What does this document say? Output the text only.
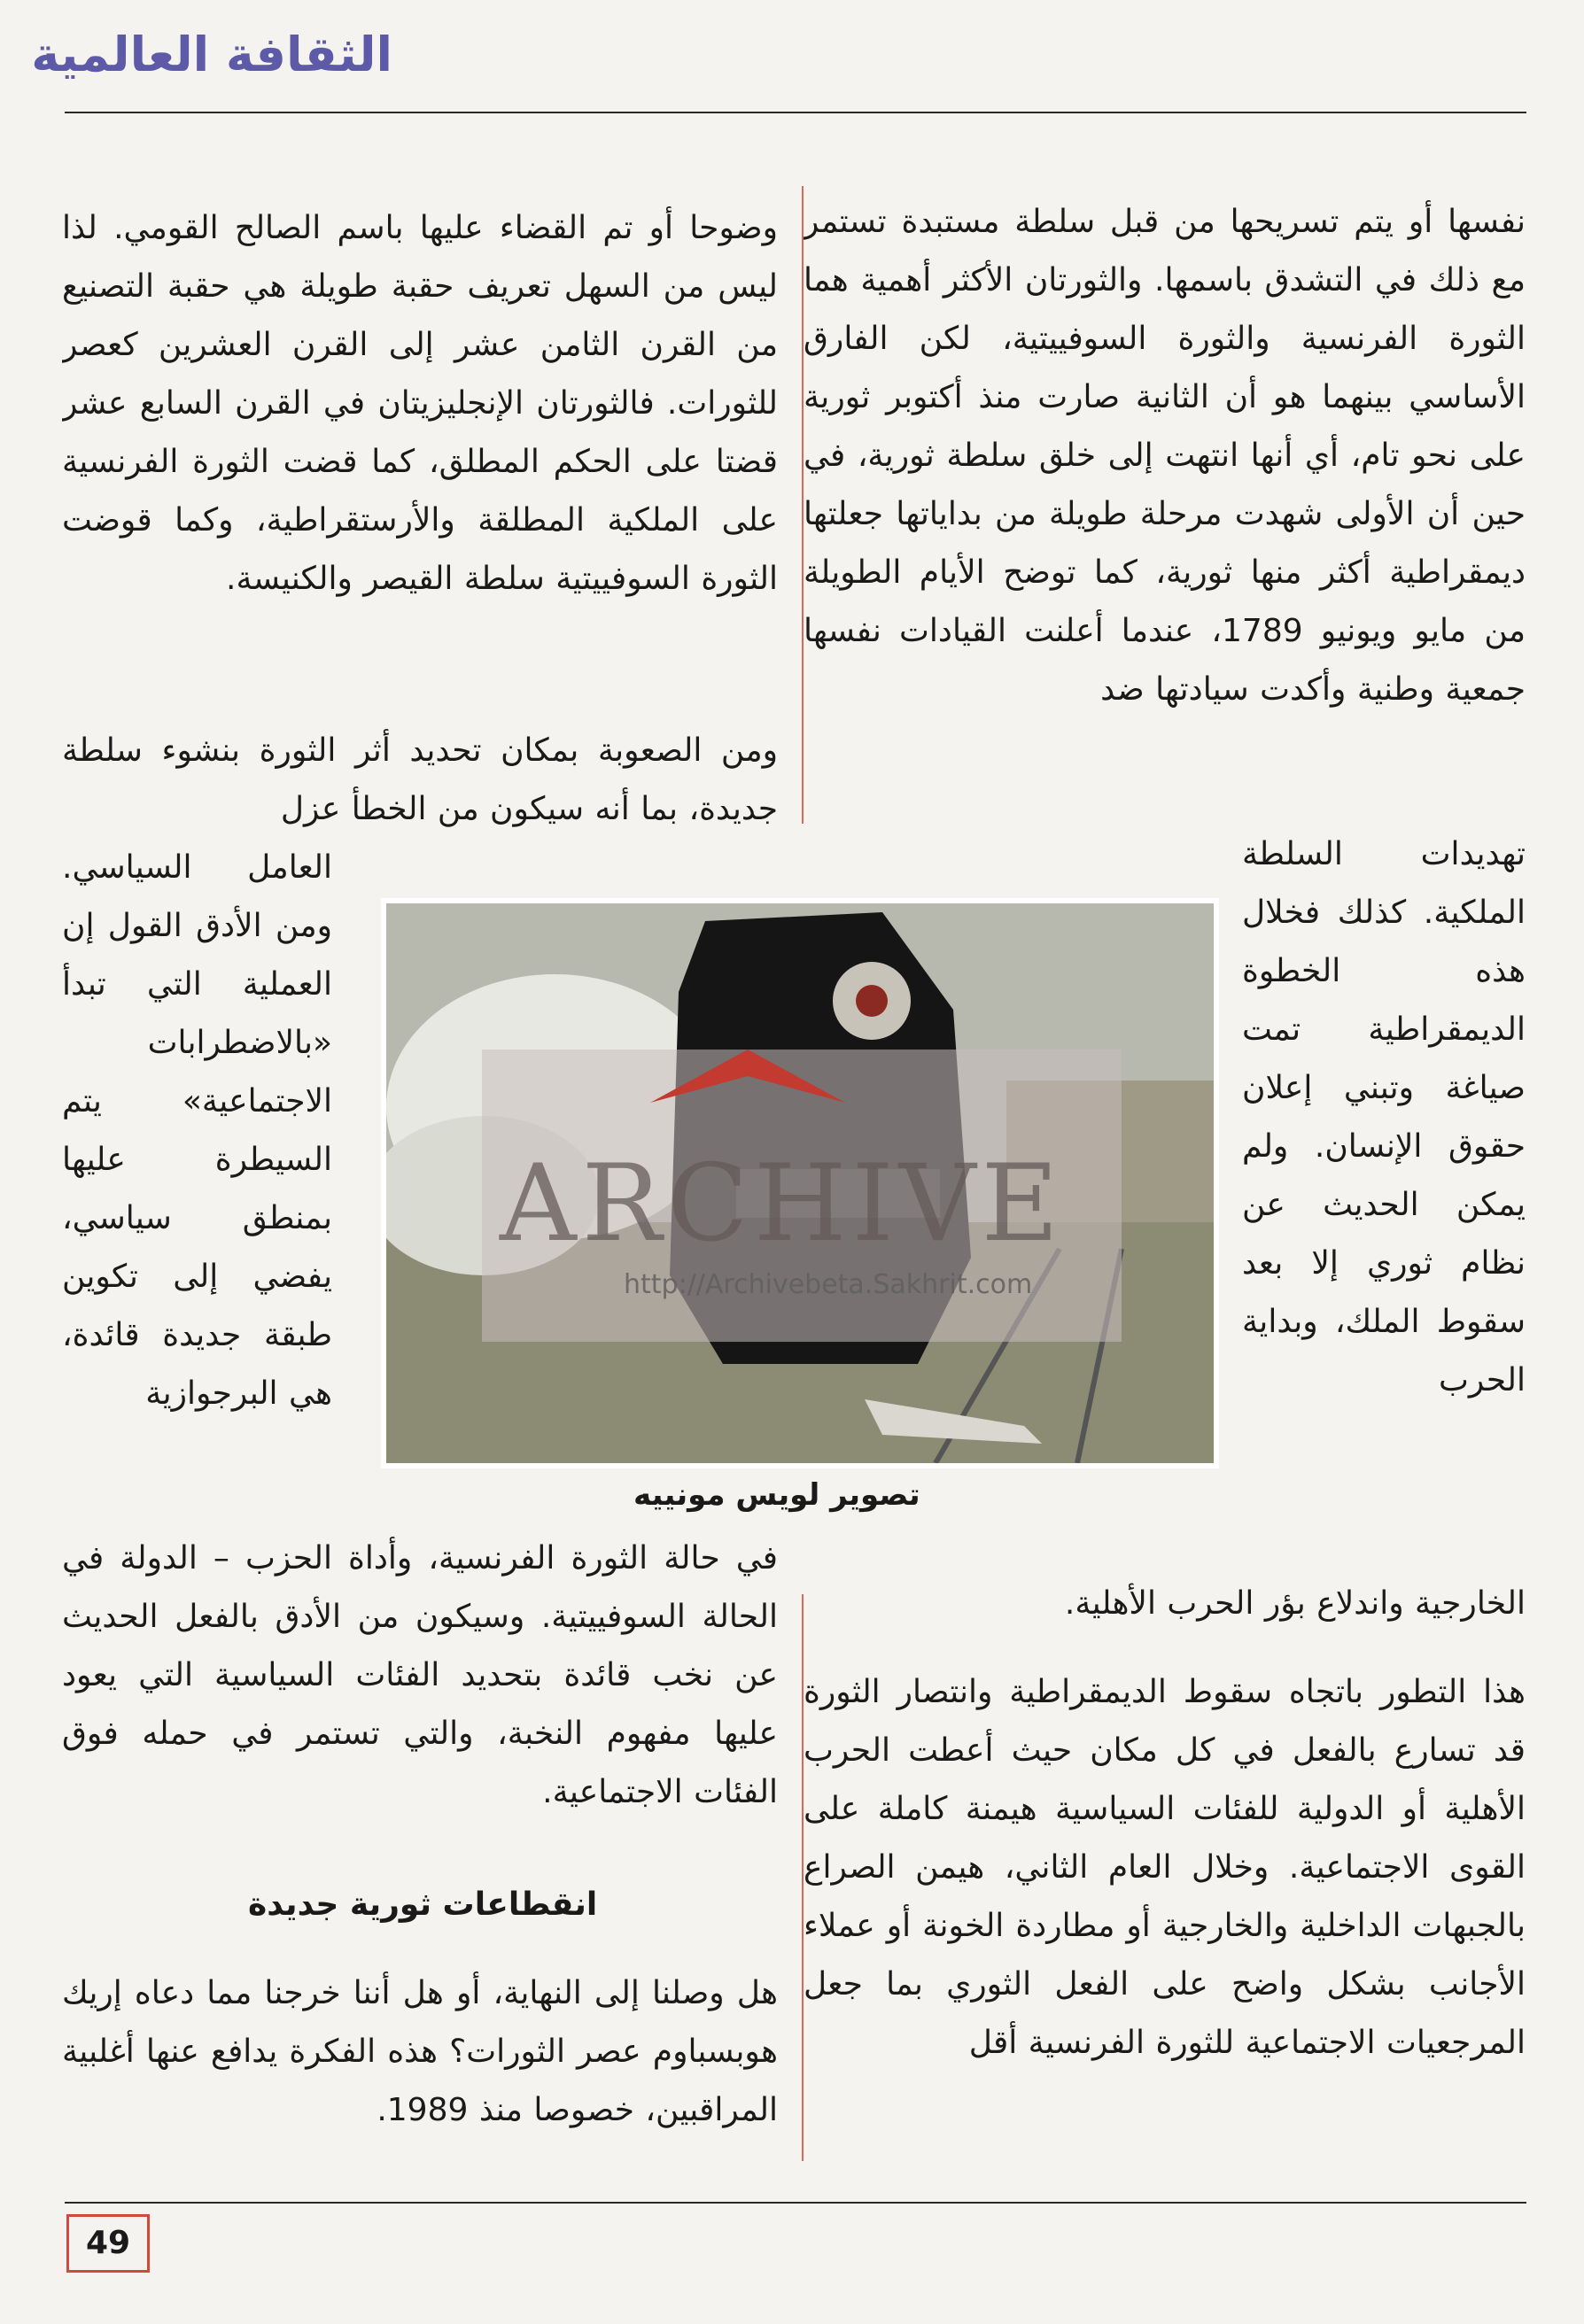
الثقافة العالمية

نفسها أو يتم تسريحها من قبل سلطة مستبدة تستمر مع ذلك في التشدق باسمها. والثورتان الأكثر أهمية هما الثورة الفرنسية والثورة السوفييتية، لكن الفارق الأساسي بينهما هو أن الثانية صارت منذ أكتوبر ثورية على نحو تام، أي أنها انتهت إلى خلق سلطة ثورية، في حين أن الأولى شهدت مرحلة طويلة من بداياتها جعلتها ديمقراطية أكثر منها ثورية، كما توضح الأيام الطويلة من مايو ويونيو 1789، عندما أعلنت القيادات نفسها جمعية وطنية وأكدت سيادتها ضد

تهديدات السلطة الملكية. كذلك فخلال هذه الخطوة الديمقراطية تمت صياغة وتبني إعلان حقوق الإنسان. ولم يمكن الحديث عن نظام ثوري إلا بعد سقوط الملك، وبداية الحرب

الخارجية واندلاع بؤر الحرب الأهلية.

هذا التطور باتجاه سقوط الديمقراطية وانتصار الثورة قد تسارع بالفعل في كل مكان حيث أعطت الحرب الأهلية أو الدولية للفئات السياسية هيمنة كاملة على القوى الاجتماعية. وخلال العام الثاني، هيمن الصراع بالجبهات الداخلية والخارجية أو مطاردة الخونة أو عملاء الأجانب بشكل واضح على الفعل الثوري بما جعل المرجعيات الاجتماعية للثورة الفرنسية أقل

وضوحا أو تم القضاء عليها باسم الصالح القومي. لذا ليس من السهل تعريف حقبة طويلة هي حقبة التصنيع من القرن الثامن عشر إلى القرن العشرين كعصر للثورات. فالثورتان الإنجليزيتان في القرن السابع عشر قضتا على الحكم المطلق، كما قضت الثورة الفرنسية على الملكية المطلقة والأرستقراطية، وكما قوضت الثورة السوفييتية سلطة القيصر والكنيسة.

ومن الصعوبة بمكان تحديد أثر الثورة بنشوء سلطة جديدة، بما أنه سيكون من الخطأ عزل

العامل السياسي. ومن الأدق القول إن العملية التي تبدأ «بالاضطرابات الاجتماعية» يتم السيطرة عليها بمنطق سياسي، يفضي إلى تكوين طبقة جديدة قائدة، هي البرجوازية

في حالة الثورة الفرنسية، وأداة الحزب – الدولة في الحالة السوفييتية. وسيكون من الأدق بالفعل الحديث عن نخب قائدة بتحديد الفئات السياسية التي يعود عليها مفهوم النخبة، والتي تستمر في حمله فوق الفئات الاجتماعية.

انقطاعات ثورية جديدة

هل وصلنا إلى النهاية، أو هل أننا خرجنا مما دعاه إريك هوبسباوم عصر الثورات؟ هذه الفكرة يدافع عنها أغلبية المراقبين، خصوصا منذ 1989.

ARCHIVE
http://Archivebeta.Sakhrit.com
تصوير لويس مونييه
49
